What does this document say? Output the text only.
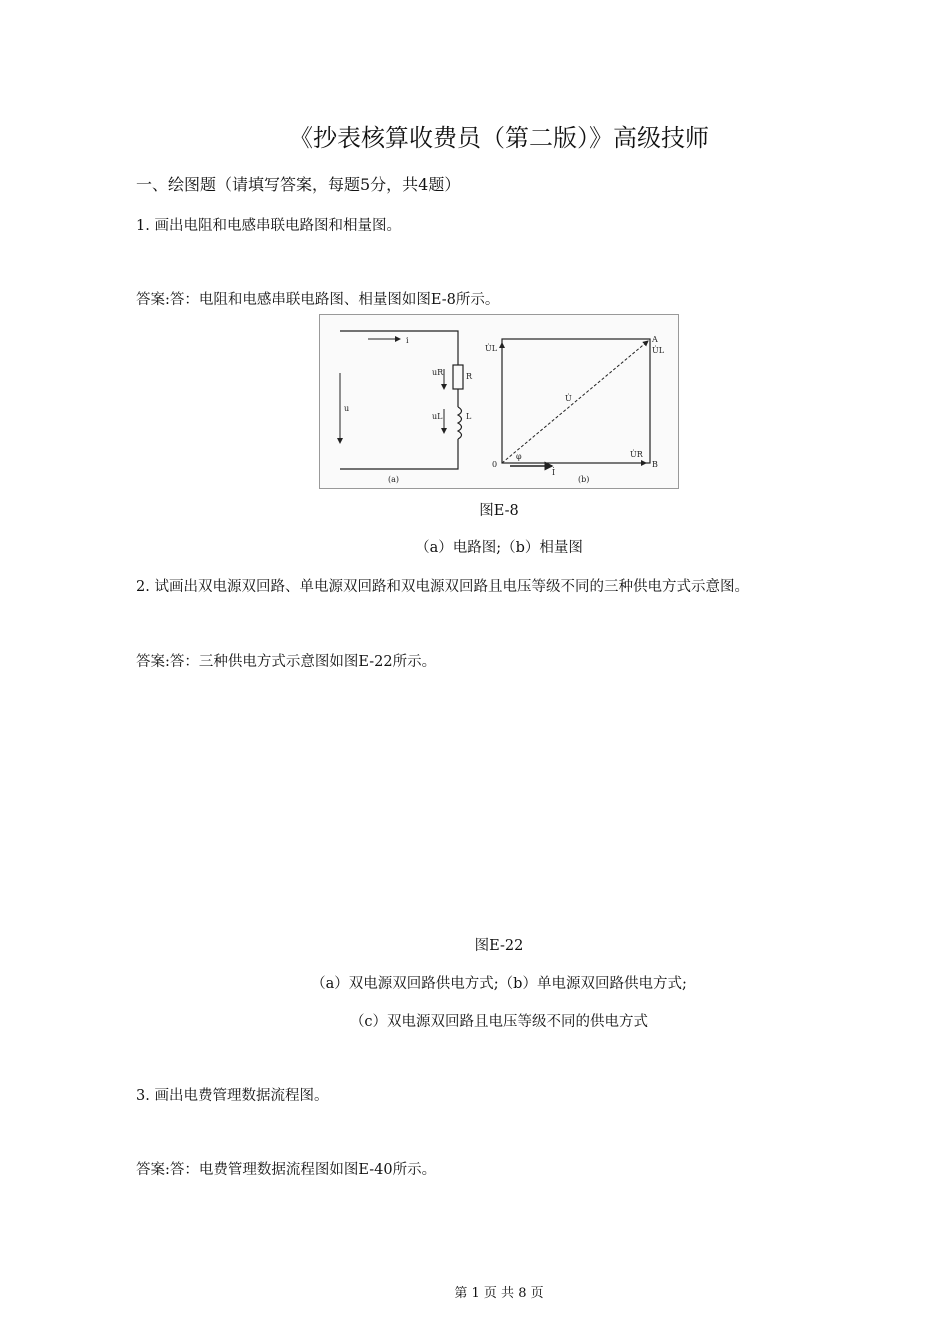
《抄表核算收费员（第二版）》高级技师
一、绘图题（请填写答案，每题5分，共4题）
1. 画出电阻和电感串联电路图和相量图。
答案:答：电阻和电感串联电路图、相量图如图E-8所示。
i
u
uR
uL
R
L
(a)
U̇L	U̇L
A
U̇
U̇R
B
0
φ
İ
(b)
图E-8
（a）电路图;（b）相量图
2. 试画出双电源双回路、单电源双回路和双电源双回路且电压等级不同的三种供电方式示意图。
答案:答：三种供电方式示意图如图E-22所示。
图E-22
（a）双电源双回路供电方式;（b）单电源双回路供电方式;
（c）双电源双回路且电压等级不同的供电方式
3. 画出电费管理数据流程图。
答案:答：电费管理数据流程图如图E-40所示。
第 1 页 共 8 页
